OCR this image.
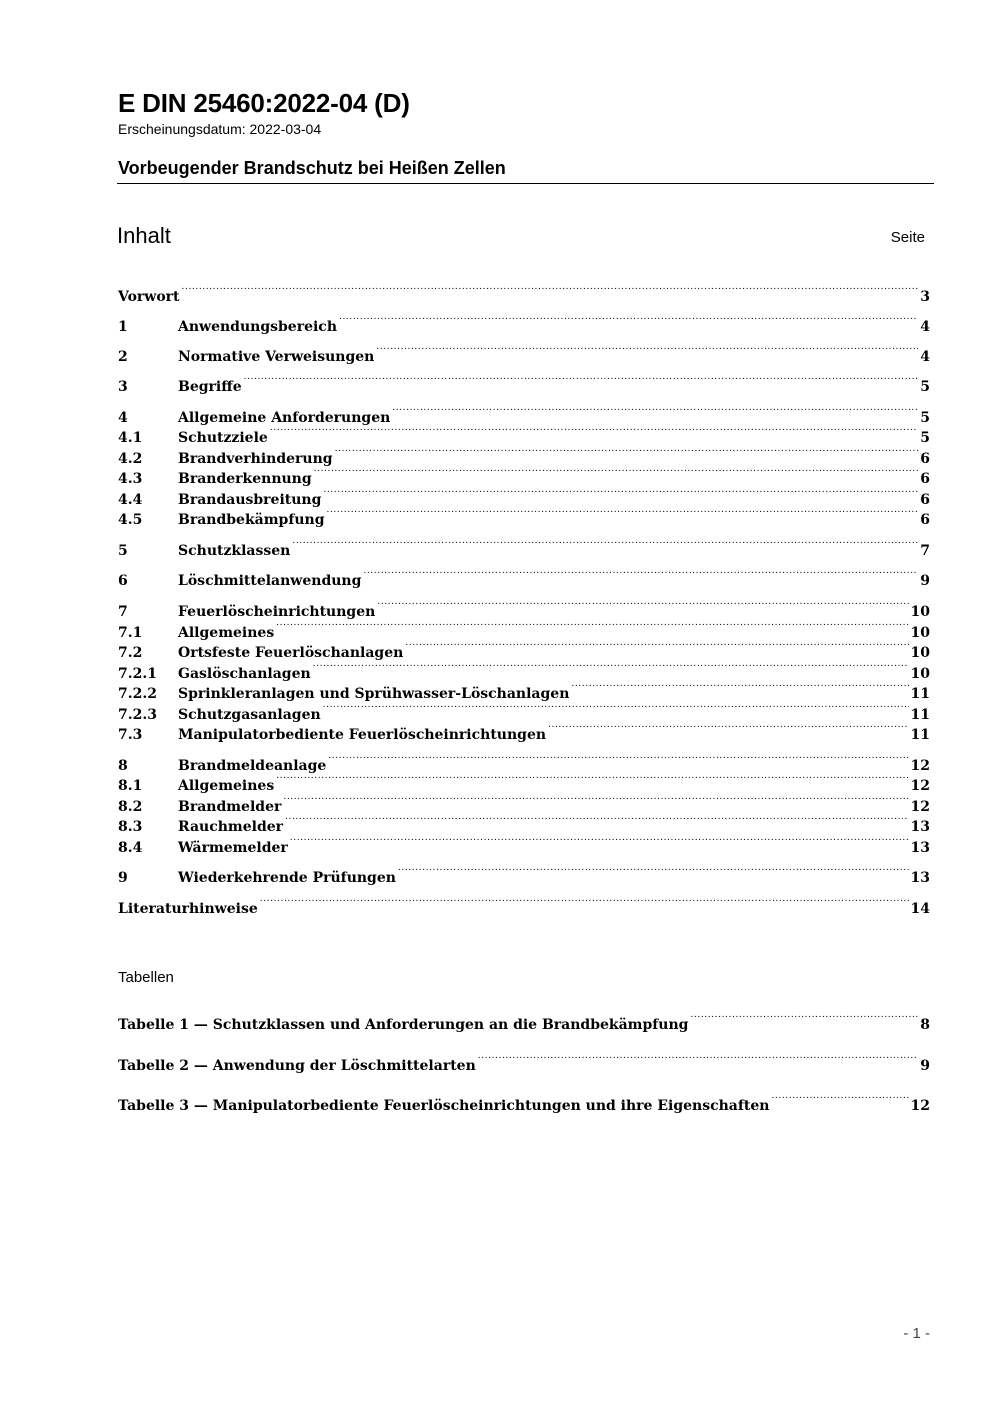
E DIN 25460:2022-04 (D)
Erscheinungsdatum: 2022-03-04
Vorbeugender Brandschutz bei Heißen Zellen
Inhalt	Seite
Vorwort .....	3
1	Anwendungsbereich .....	4
2	Normative Verweisungen .....	4
3	Begriffe .....	5
4	Allgemeine Anforderungen .....	5
4.1	Schutzziele .....	5
4.2	Brandverhinderung .....	6
4.3	Branderkennung .....	6
4.4	Brandausbreitung .....	6
4.5	Brandbekämpfung .....	6
5	Schutzklassen .....	7
6	Löschmittelanwendung .....	9
7	Feuerlöscheinrichtungen .....	10
7.1	Allgemeines .....	10
7.2	Ortsfeste Feuerlöschanlagen .....	10
7.2.1	Gaslöschanlagen .....	10
7.2.2	Sprinkleranlagen und Sprühwasser-Löschanlagen .....	11
7.2.3	Schutzgasanlagen .....	11
7.3	Manipulatorbediente Feuerlöscheinrichtungen .....	11
8	Brandmeldeanlage .....	12
8.1	Allgemeines .....	12
8.2	Brandmelder .....	12
8.3	Rauchmelder .....	13
8.4	Wärmemelder .....	13
9	Wiederkehrende Prüfungen .....	13
Literaturhinweise .....	14
Tabellen
Tabelle 1 — Schutzklassen und Anforderungen an die Brandbekämpfung .....	8
Tabelle 2 — Anwendung der Löschmittelarten .....	9
Tabelle 3 — Manipulatorbediente Feuerlöscheinrichtungen und ihre Eigenschaften .....	12
- 1 -
